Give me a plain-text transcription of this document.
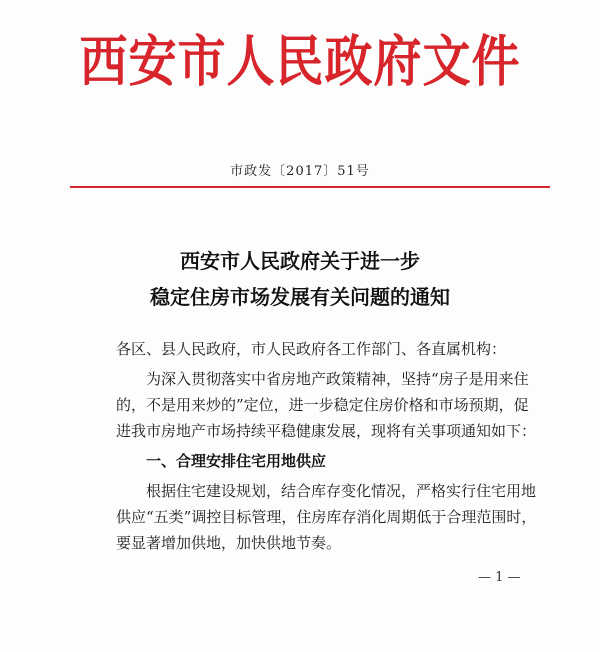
西安市人民政府文件
市政发〔2017〕51号
西安市人民政府关于进一步
稳定住房市场发展有关问题的通知
各区、县人民政府，市人民政府各工作部门、各直属机构：
为深入贯彻落实中省房地产政策精神，坚持“房子是用来住
的，不是用来炒的”定位，进一步稳定住房价格和市场预期，促
进我市房地产市场持续平稳健康发展，现将有关事项通知如下：
一、合理安排住宅用地供应
根据住宅建设规划，结合库存变化情况，严格实行住宅用地
供应“五类”调控目标管理，住房库存消化周期低于合理范围时，
要显著增加供地，加快供地节奏。
— 1 —
